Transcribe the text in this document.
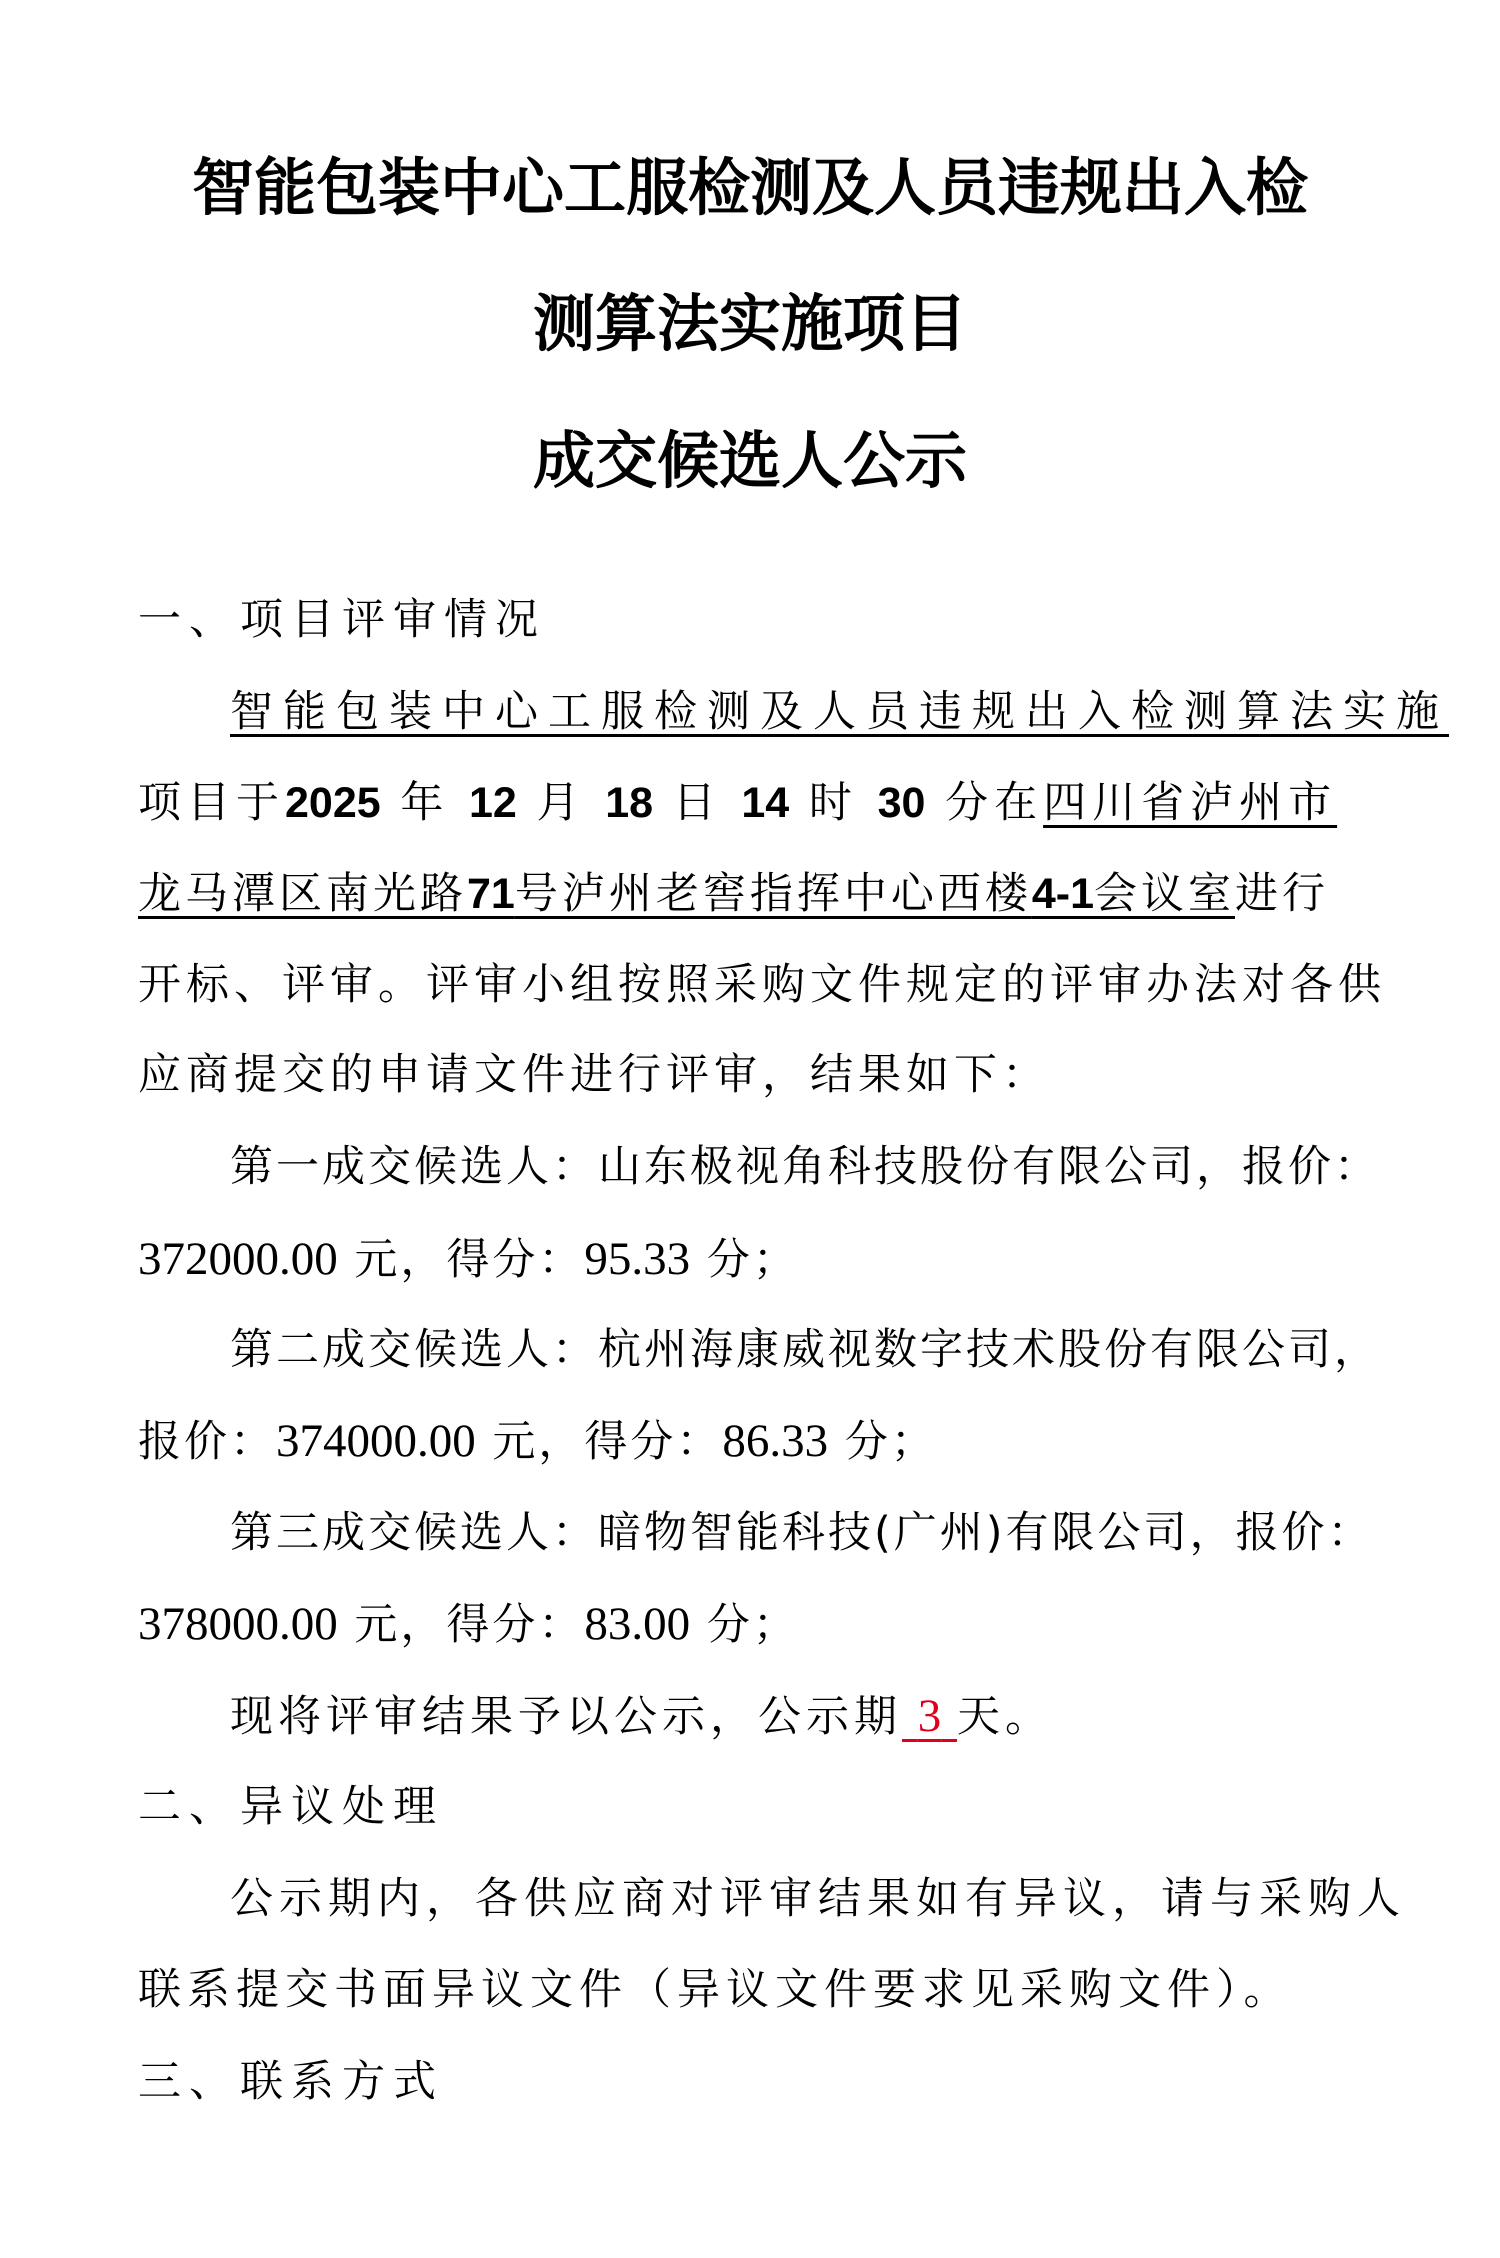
智能包装中心工服检测及人员违规出入检
测算法实施项目
成交候选人公示
一、项目评审情况
智能包装中心工服检测及人员违规出入检测算法实施
项目于2025 年 12 月 18 日 14 时 30 分在四川省泸州市
龙马潭区南光路71号泸州老窖指挥中心西楼4-1会议室进行
开标、评审。评审小组按照采购文件规定的评审办法对各供
应商提交的申请文件进行评审，结果如下：
第一成交候选人：山东极视角科技股份有限公司，报价：
372000.00 元，得分：95.33 分；
第二成交候选人：杭州海康威视数字技术股份有限公司，
报价：374000.00 元，得分：86.33 分；
第三成交候选人：暗物智能科技(广州)有限公司，报价：
378000.00 元，得分：83.00 分；
现将评审结果予以公示，公示期 3 天。
二、异议处理
公示期内，各供应商对评审结果如有异议，请与采购人
联系提交书面异议文件（异议文件要求见采购文件）。
三、联系方式
